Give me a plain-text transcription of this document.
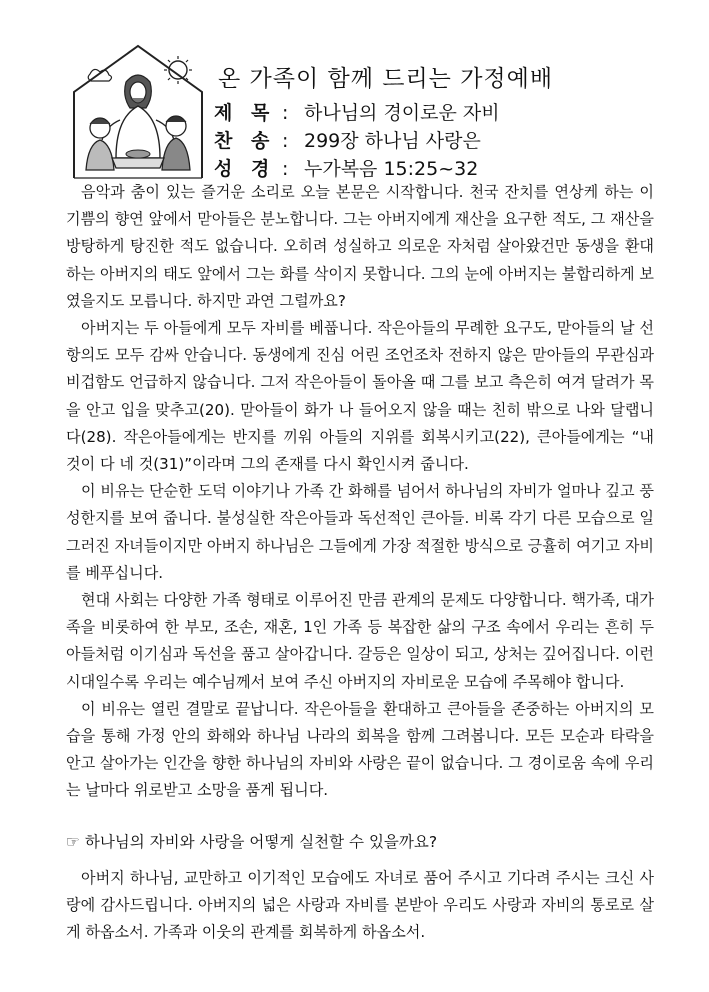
온 가족이 함께 드리는 가정예배
제 목 : 하나님의 경이로운 자비
찬 송 : 299장 하나님 사랑은
성 경 : 누가복음 15:25~32

음악과 춤이 있는 즐거운 소리로 오늘 본문은 시작합니다. 천국 잔치를 연상케 하는 이 기쁨의 향연 앞에서 맏아들은 분노합니다. 그는 아버지에게 재산을 요구한 적도, 그 재산을 방탕하게 탕진한 적도 없습니다. 오히려 성실하고 의로운 자처럼 살아왔건만 동생을 환대하는 아버지의 태도 앞에서 그는 화를 삭이지 못합니다. 그의 눈에 아버지는 불합리하게 보였을지도 모릅니다. 하지만 과연 그럴까요?

아버지는 두 아들에게 모두 자비를 베풉니다. 작은아들의 무례한 요구도, 맏아들의 날 선 항의도 모두 감싸 안습니다. 동생에게 진심 어린 조언조차 전하지 않은 맏아들의 무관심과 비겁함도 언급하지 않습니다. 그저 작은아들이 돌아올 때 그를 보고 측은히 여겨 달려가 목을 안고 입을 맞추고(20). 맏아들이 화가 나 들어오지 않을 때는 친히 밖으로 나와 달랩니다(28). 작은아들에게는 반지를 끼워 아들의 지위를 회복시키고(22), 큰아들에게는 “내 것이 다 네 것(31)”이라며 그의 존재를 다시 확인시켜 줍니다.

이 비유는 단순한 도덕 이야기나 가족 간 화해를 넘어서 하나님의 자비가 얼마나 깊고 풍성한지를 보여 줍니다. 불성실한 작은아들과 독선적인 큰아들. 비록 각기 다른 모습으로 일그러진 자녀들이지만 아버지 하나님은 그들에게 가장 적절한 방식으로 긍휼히 여기고 자비를 베푸십니다.

현대 사회는 다양한 가족 형태로 이루어진 만큼 관계의 문제도 다양합니다. 핵가족, 대가족을 비롯하여 한 부모, 조손, 재혼, 1인 가족 등 복잡한 삶의 구조 속에서 우리는 흔히 두 아들처럼 이기심과 독선을 품고 살아갑니다. 갈등은 일상이 되고, 상처는 깊어집니다. 이런 시대일수록 우리는 예수님께서 보여 주신 아버지의 자비로운 모습에 주목해야 합니다.

이 비유는 열린 결말로 끝납니다. 작은아들을 환대하고 큰아들을 존중하는 아버지의 모습을 통해 가정 안의 화해와 하나님 나라의 회복을 함께 그려봅니다. 모든 모순과 타락을 안고 살아가는 인간을 향한 하나님의 자비와 사랑은 끝이 없습니다. 그 경이로움 속에 우리는 날마다 위로받고 소망을 품게 됩니다.

☞ 하나님의 자비와 사랑을 어떻게 실천할 수 있을까요?

아버지 하나님, 교만하고 이기적인 모습에도 자녀로 품어 주시고 기다려 주시는 크신 사랑에 감사드립니다. 아버지의 넓은 사랑과 자비를 본받아 우리도 사랑과 자비의 통로로 살게 하옵소서. 가족과 이웃의 관계를 회복하게 하옵소서.
